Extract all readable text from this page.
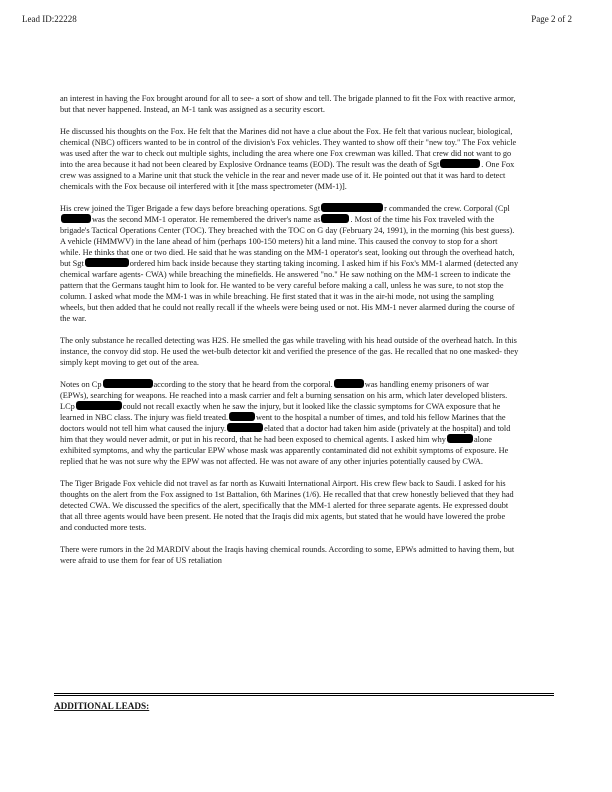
Lead ID:22228	Page 2 of 2

an interest in having the Fox brought around for all to see- a sort of show and tell. The brigade planned to fit the Fox with reactive armor, but that never happened. Instead, an M-1 tank was assigned as a security escort.

He discussed his thoughts on the Fox. He felt that the Marines did not have a clue about the Fox. He felt that various nuclear, biological, chemical (NBC) officers wanted to be in control of the division's Fox vehicles. They wanted to show off their "new toy." The Fox vehicle was used after the war to check out multiple sights, including the area where one Fox crewman was killed. That crew did not want to go into the area because it had not been cleared by Explosive Ordnance teams (EOD). The result was the death of Sgt	. One Fox crew was assigned to a Marine unit that stuck the vehicle in the rear and never made use of it. He pointed out that it was hard to detect chemicals with the Fox because oil interfered with it [the mass spectrometer (MM-1)].

His crew joined the Tiger Brigade a few days before breaching operations. Sgt	r commanded the crew. Corporal (Cplwas the second MM-1 operator. He remembered the driver's name as	. Most of the time his Fox traveled with the brigade's Tactical Operations Center (TOC). They breached with the TOC on G day (February 24, 1991), in the morning (his best guess). A vehicle (HMMWV) in the lane ahead of him (perhaps 100-150 meters) hit a land mine. This caused the convoy to stop for a short while. He thinks that one or two died. He said that he was standing on the MM-1 operator's seat, looking out through the overhead hatch, but Sgt	ordered him back inside because they starting taking incoming. I asked him if his Fox's MM-1 alarmed (detected any chemical warfare agents- CWA) while breaching the minefields. He answered "no." He saw nothing on the MM-1 screen to indicate the pattern that the Germans taught him to look for. He wanted to be very careful before making a call, unless he was sure, to not stop the column. I asked what mode the MM-1 was in while breaching. He first stated that it was in the air-hi mode, not using the sampling wheels, but then added that he could not really recall if the wheels were being used or not. His MM-1 never alarmed during the course of the war.

The only substance he recalled detecting was H2S. He smelled the gas while traveling with his head outside of the overhead hatch. In this instance, the convoy did stop. He used the wet-bulb detector kit and verified the presence of the gas. He recalled that no one masked- they simply kept moving to get out of the area.

Notes on Cp	according to the story that he heard from the corporal.	was handling enemy prisoners of war (EPWs), searching for weapons. He reached into a mask carrier and felt a burning sensation on his arm, which later developed blisters. LCp	could not recall exactly when he saw the injury, but it looked like the classic symptoms for CWA exposure that he learned in NBC class. The injury was field treated.	went to the hospital a number of times, and told his fellow Marines that the doctors would not tell him what caused the injury.	elated that a doctor had taken him aside (privately at the hospital) and told him that they would never admit, or put in his record, that he had been exposed to chemical agents. I asked him why	alone exhibited symptoms, and why the particular EPW whose mask was apparently contaminated did not exhibit symptoms of exposure. He replied that he was not sure why the EPW was not affected. He was not aware of any other injuries potentially caused by CWA.

The Tiger Brigade Fox vehicle did not travel as far north as Kuwaiti International Airport. His crew flew back to Saudi. I asked for his thoughts on the alert from the Fox assigned to 1st Battalion, 6th Marines (1/6). He recalled that that crew honestly believed that they had detected CWA. We discussed the specifics of the alert, specifically that the MM-1 alerted for three separate agents. He expressed doubt that all three agents would have been present. He noted that the Iraqis did mix agents, but stated that he would have lowered the probe and conducted more tests.

There were rumors in the 2d MARDIV about the Iraqis having chemical rounds. According to some, EPWs admitted to having them, but were afraid to use them for fear of US retaliation

ADDITIONAL LEADS:
